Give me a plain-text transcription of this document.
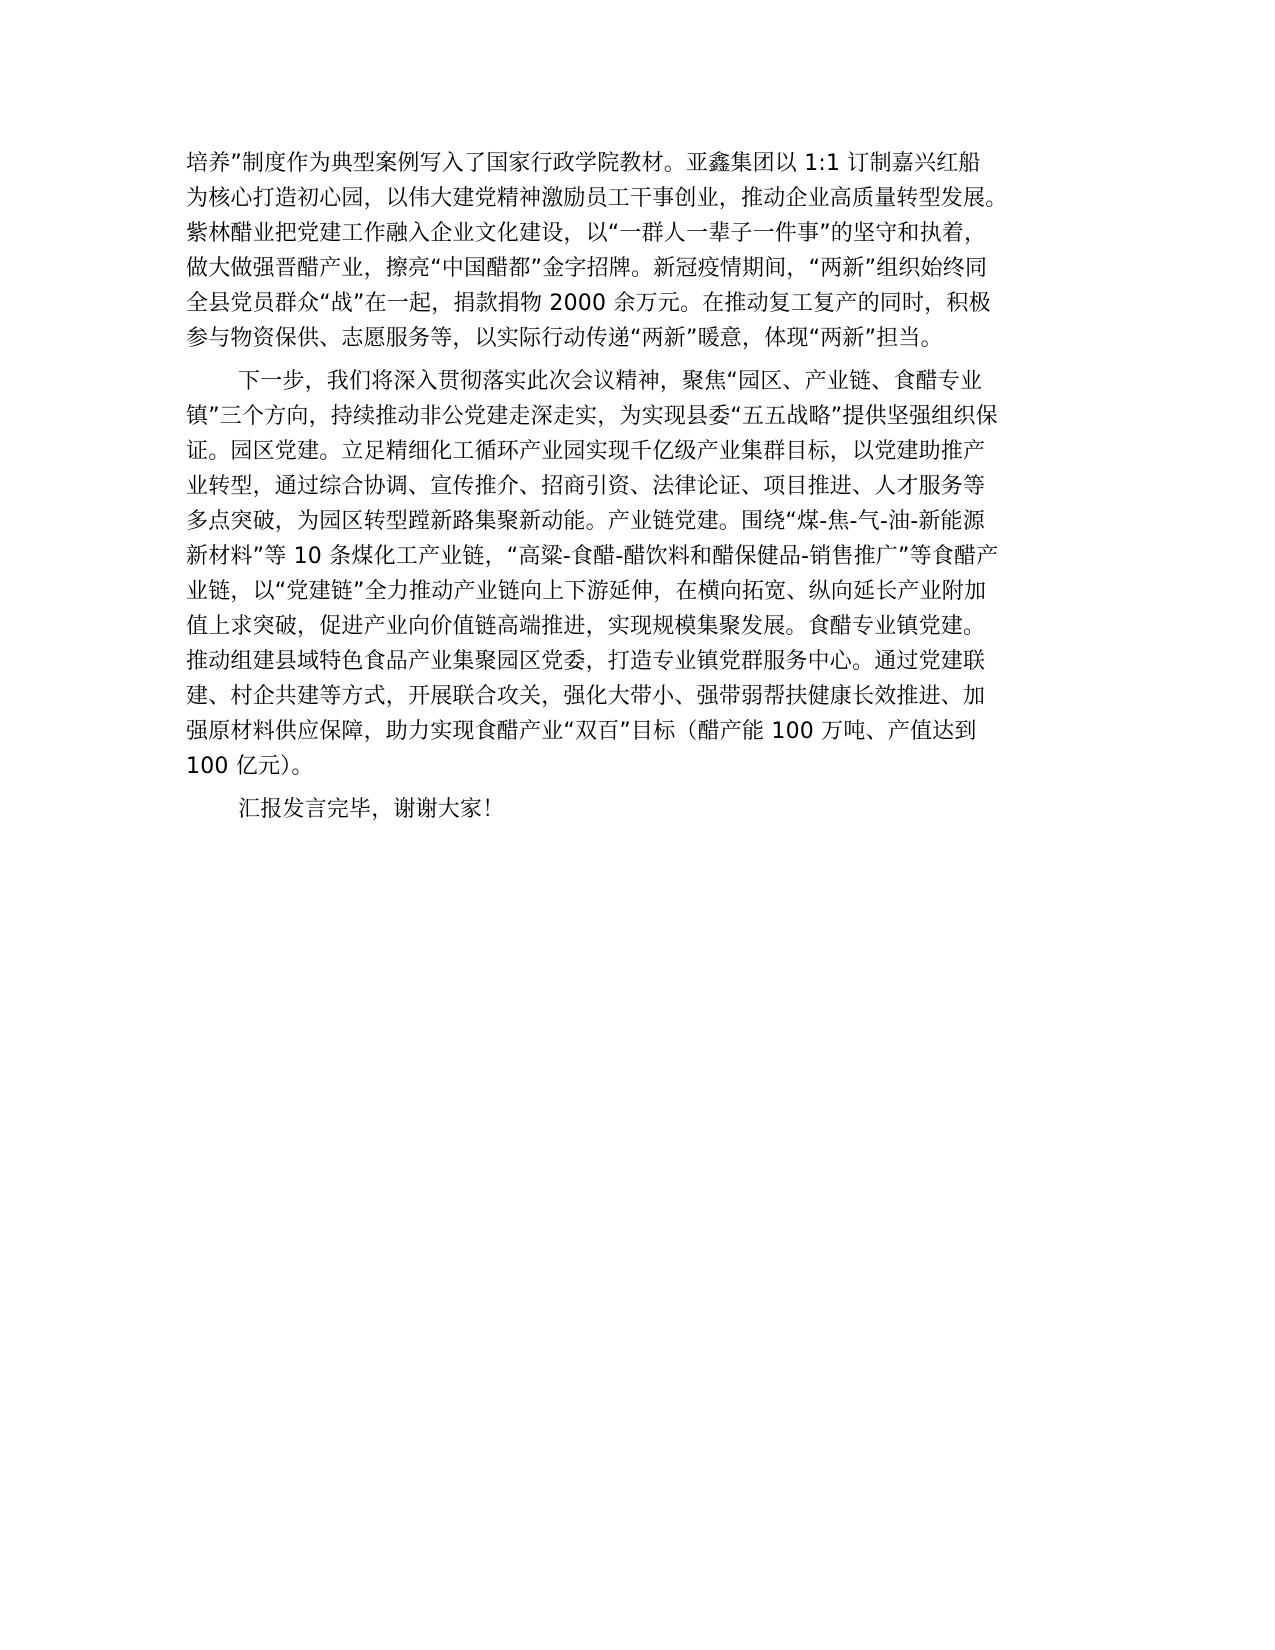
培养”制度作为典型案例写入了国家行政学院教材。亚鑫集团以 1:1 订制嘉兴红船
为核心打造初心园，以伟大建党精神激励员工干事创业，推动企业高质量转型发展。
紫林醋业把党建工作融入企业文化建设，以“一群人一辈子一件事”的坚守和执着，
做大做强晋醋产业，擦亮“中国醋都”金字招牌。新冠疫情期间，“两新”组织始终同
全县党员群众“战”在一起，捐款捐物 2000 余万元。在推动复工复产的同时，积极
参与物资保供、志愿服务等，以实际行动传递“两新”暖意，体现“两新”担当。
下一步，我们将深入贯彻落实此次会议精神，聚焦“园区、产业链、食醋专业
镇”三个方向，持续推动非公党建走深走实，为实现县委“五五战略”提供坚强组织保
证。园区党建。立足精细化工循环产业园实现千亿级产业集群目标，以党建助推产
业转型，通过综合协调、宣传推介、招商引资、法律论证、项目推进、人才服务等
多点突破，为园区转型蹚新路集聚新动能。产业链党建。围绕“煤-焦-气-油-新能源
新材料”等 10 条煤化工产业链，“高粱-食醋-醋饮料和醋保健品-销售推广”等食醋产
业链，以“党建链”全力推动产业链向上下游延伸，在横向拓宽、纵向延长产业附加
值上求突破，促进产业向价值链高端推进，实现规模集聚发展。食醋专业镇党建。
推动组建县域特色食品产业集聚园区党委，打造专业镇党群服务中心。通过党建联
建、村企共建等方式，开展联合攻关，强化大带小、强带弱帮扶健康长效推进、加
强原材料供应保障，助力实现食醋产业“双百”目标（醋产能 100 万吨、产值达到
100 亿元）。
汇报发言完毕，谢谢大家！
